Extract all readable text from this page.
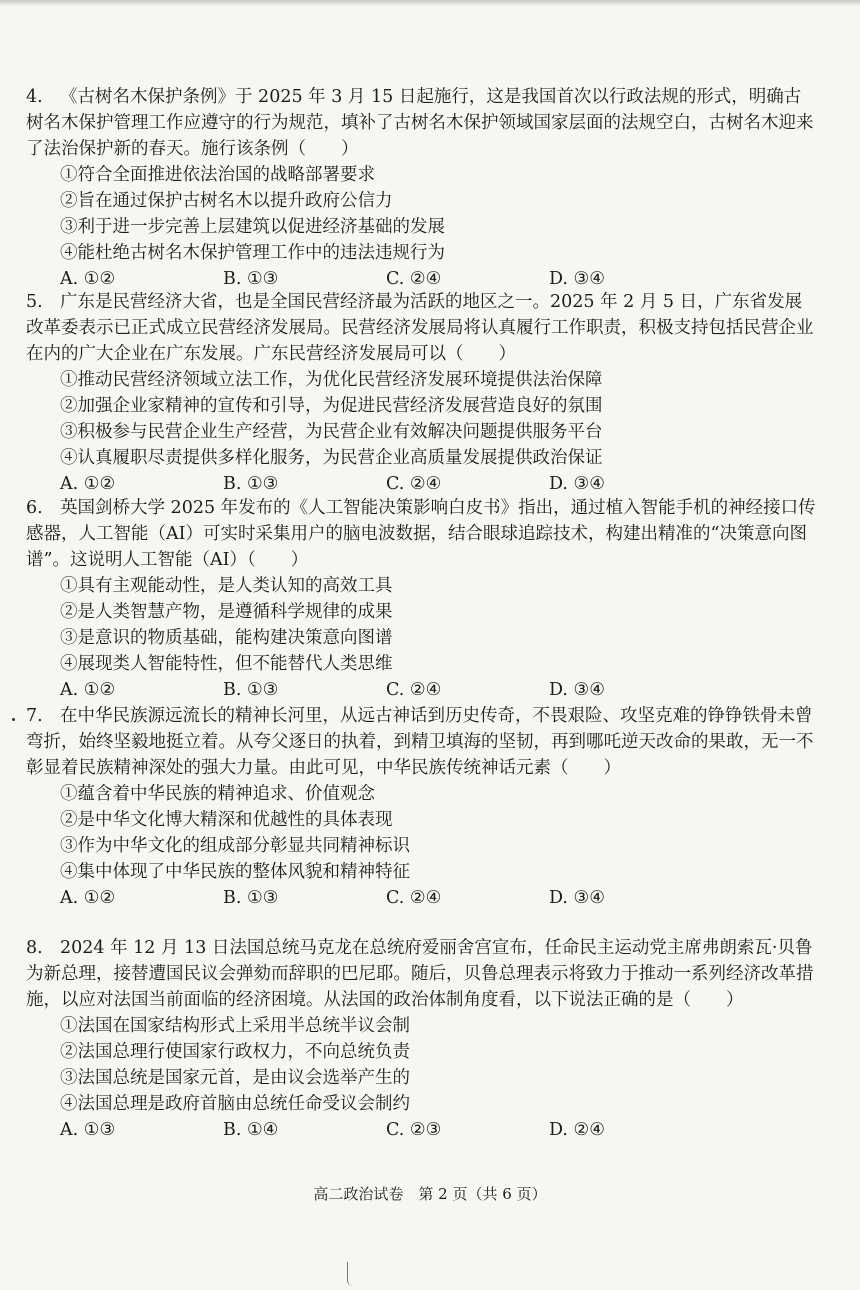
4. 《古树名木保护条例》于 2025 年 3 月 15 日起施行，这是我国首次以行政法规的形式，明确古树名木保护管理工作应遵守的行为规范，填补了古树名木保护领域国家层面的法规空白，古树名木迎来了法治保护新的春天。施行该条例（　　）

①符合全面推进依法治国的战略部署要求
②旨在通过保护古树名木以提升政府公信力
③利于进一步完善上层建筑以促进经济基础的发展
④能杜绝古树名木保护管理工作中的违法违规行为
A. ①②	B. ①③	C. ②④	D. ③④

5. 广东是民营经济大省，也是全国民营经济最为活跃的地区之一。2025 年 2 月 5 日，广东省发展改革委表示已正式成立民营经济发展局。民营经济发展局将认真履行工作职责，积极支持包括民营企业在内的广大企业在广东发展。广东民营经济发展局可以（　　）

①推动民营经济领域立法工作，为优化民营经济发展环境提供法治保障
②加强企业家精神的宣传和引导，为促进民营经济发展营造良好的氛围
③积极参与民营企业生产经营，为民营企业有效解决问题提供服务平台
④认真履职尽责提供多样化服务，为民营企业高质量发展提供政治保证
A. ①②	B. ①③	C. ②④	D. ③④

6. 英国剑桥大学 2025 年发布的《人工智能决策影响白皮书》指出，通过植入智能手机的神经接口传感器，人工智能（AI）可实时采集用户的脑电波数据，结合眼球追踪技术，构建出精准的“决策意向图谱”。这说明人工智能（AI）（　　）

①具有主观能动性，是人类认知的高效工具
②是人类智慧产物，是遵循科学规律的成果
③是意识的物质基础，能构建决策意向图谱
④展现类人智能特性，但不能替代人类思维
A. ①②	B. ①③	C. ②④	D. ③④

7. 在中华民族源远流长的精神长河里，从远古神话到历史传奇，不畏艰险、攻坚克难的铮铮铁骨未曾弯折，始终坚毅地挺立着。从夸父逐日的执着，到精卫填海的坚韧，再到哪吒逆天改命的果敢，无一不彰显着民族精神深处的强大力量。由此可见，中华民族传统神话元素（　　）

①蕴含着中华民族的精神追求、价值观念
②是中华文化博大精深和优越性的具体表现
③作为中华文化的组成部分彰显共同精神标识
④集中体现了中华民族的整体风貌和精神特征
A. ①②	B. ①③	C. ②④	D. ③④

8. 2024 年 12 月 13 日法国总统马克龙在总统府爱丽舍宫宣布，任命民主运动党主席弗朗索瓦·贝鲁为新总理，接替遭国民议会弹劾而辞职的巴尼耶。随后，贝鲁总理表示将致力于推动一系列经济改革措施，以应对法国当前面临的经济困境。从法国的政治体制角度看，以下说法正确的是（　　）

①法国在国家结构形式上采用半总统半议会制
②法国总理行使国家行政权力，不向总统负责
③法国总统是国家元首，是由议会选举产生的
④法国总理是政府首脑由总统任命受议会制约
A. ①③	B. ①④	C. ②③	D. ②④
高二政治试卷　第 2 页（共 6 页）
